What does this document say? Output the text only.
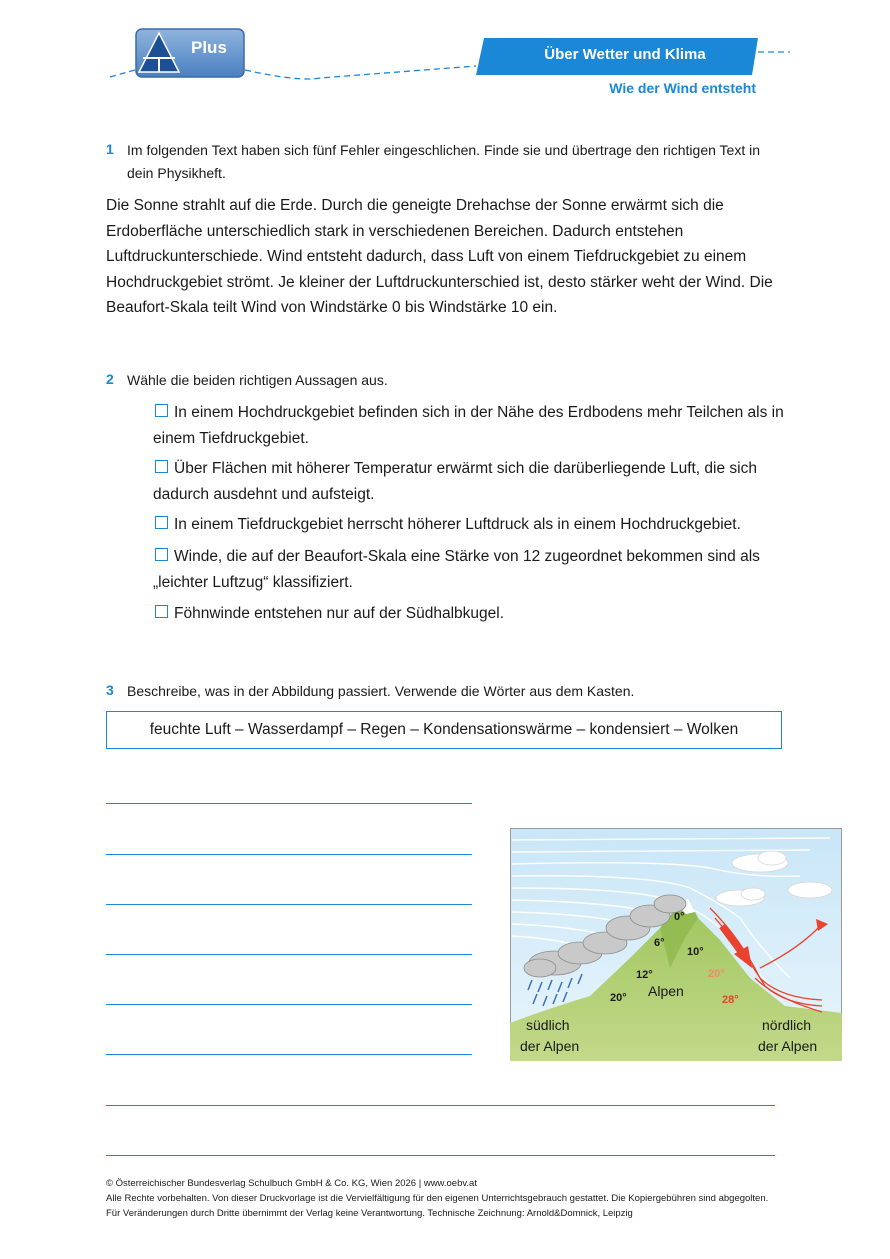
Plus	Über Wetter und Klima
Wie der Wind entsteht
1 Im folgenden Text haben sich fünf Fehler eingeschlichen. Finde sie und übertrage den richtigen Text in dein Physikheft.
Die Sonne strahlt auf die Erde. Durch die geneigte Drehachse der Sonne erwärmt sich die Erdoberfläche unterschiedlich stark in verschiedenen Bereichen. Dadurch entstehen Luftdruckunterschiede. Wind entsteht dadurch, dass Luft von einem Tiefdruckgebiet zu einem Hochdruckgebiet strömt. Je kleiner der Luftdruckunterschied ist, desto stärker weht der Wind. Die Beaufort-Skala teilt Wind von Windstärke 0 bis Windstärke 10 ein.
2 Wähle die beiden richtigen Aussagen aus.
In einem Hochdruckgebiet befinden sich in der Nähe des Erdbodens mehr Teilchen als in einem Tiefdruckgebiet.
Über Flächen mit höherer Temperatur erwärmt sich die darüberliegende Luft, die sich dadurch ausdehnt und aufsteigt.
In einem Tiefdruckgebiet herrscht höherer Luftdruck als in einem Hochdruckgebiet.
Winde, die auf der Beaufort-Skala eine Stärke von 12 zugeordnet bekommen sind als „leichter Luftzug“ klassifiziert.
Föhnwinde entstehen nur auf der Südhalbkugel.
3 Beschreibe, was in der Abbildung passiert. Verwende die Wörter aus dem Kasten.
feuchte Luft – Wasserdampf – Regen – Kondensationswärme – kondensiert – Wolken
0°
6°
10°
12°	20°
20°	28°
Alpen
südlich
der Alpen
nördlich
der Alpen
© Österreichischer Bundesverlag Schulbuch GmbH & Co. KG, Wien 2026 | www.oebv.at
Alle Rechte vorbehalten. Von dieser Druckvorlage ist die Vervielfältigung für den eigenen Unterrichtsgebrauch gestattet. Die Kopiergebühren sind abgegolten.
Für Veränderungen durch Dritte übernimmt der Verlag keine Verantwortung. Technische Zeichnung: Arnold&Domnick, Leipzig
